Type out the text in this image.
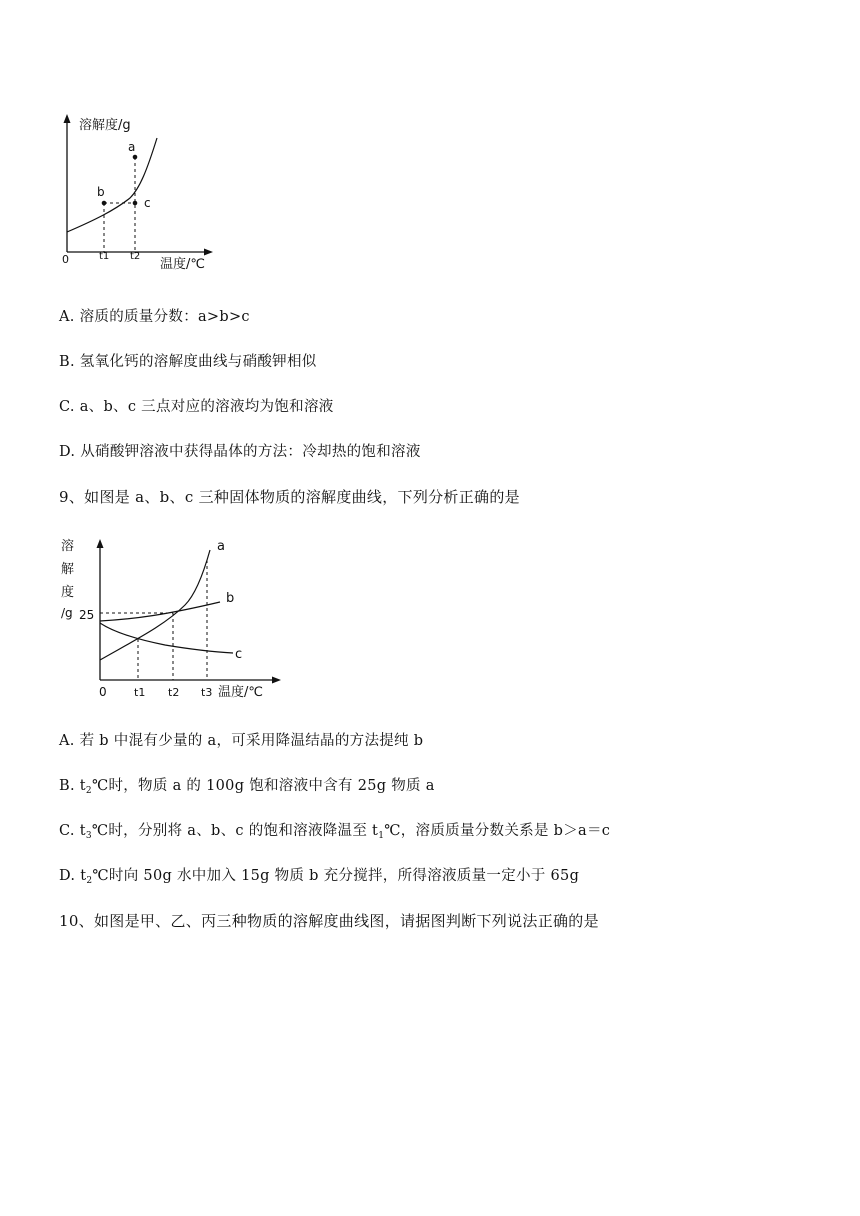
溶解度/g
温度/℃
0	t1 t2
a
b
c
A. 溶质的质量分数：a>b>c
B. 氢氧化钙的溶解度曲线与硝酸钾相似
C. a、b、c 三点对应的溶液均为饱和溶液
D. 从硝酸钾溶液中获得晶体的方法：冷却热的饱和溶液
9、如图是 a、b、c 三种固体物质的溶解度曲线，下列分析正确的是
溶
解
度
/g 25
0 t1 t2 t3 温度/℃
a
b
c
A. 若 b 中混有少量的 a，可采用降温结晶的方法提纯 b
B. $t_2℃$时，物质 a 的 100g 饱和溶液中含有 25g 物质 a
C. $t_3℃$时，分别将 a、b、c 的饱和溶液降温至 $t_1℃$，溶质质量分数关系是 b＞a＝c
D. $t_2℃$时向 50g 水中加入 15g 物质 b 充分搅拌，所得溶液质量一定小于 65g
10、如图是甲、乙、丙三种物质的溶解度曲线图，请据图判断下列说法正确的是
